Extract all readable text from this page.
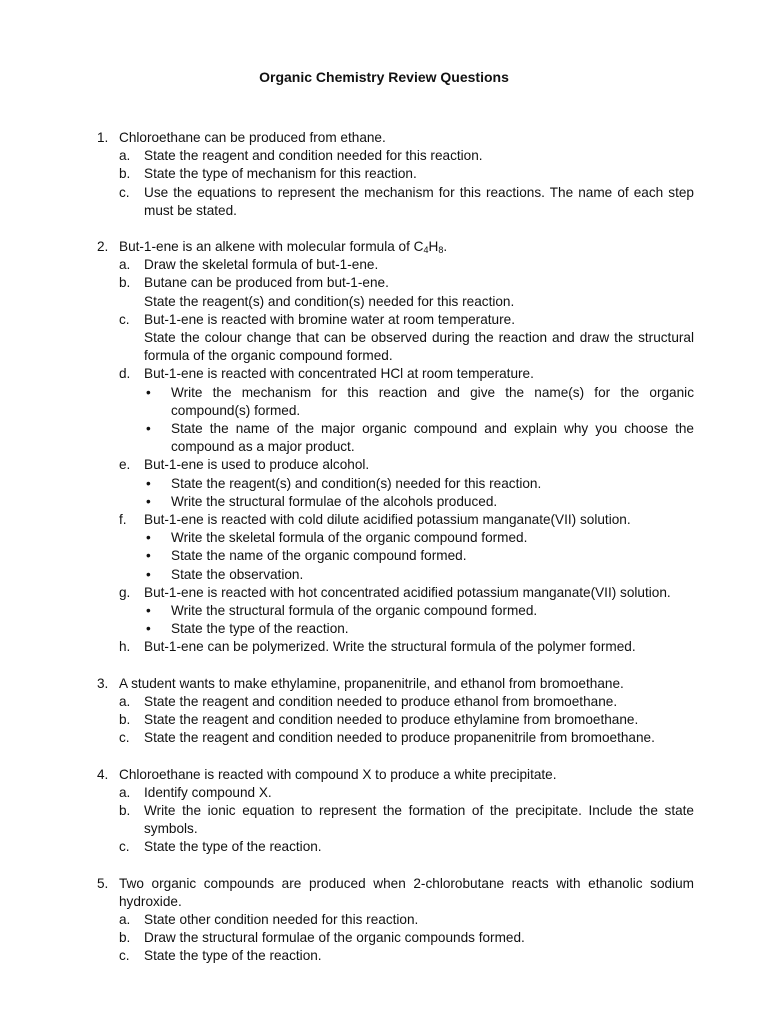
Organic Chemistry Review Questions
1. Chloroethane can be produced from ethane.
a.	State the reagent and condition needed for this reaction.
b.	State the type of mechanism for this reaction.
c.	Use the equations to represent the mechanism for this reactions. The name of each step must be stated.
2. But-1-ene is an alkene with molecular formula of $C_4H_8$.
a.	Draw the skeletal formula of but-1-ene.
b.	Butane can be produced from but-1-ene.
State the reagent(s) and condition(s) needed for this reaction.
c.	But-1-ene is reacted with bromine water at room temperature.
State the colour change that can be observed during the reaction and draw the structural formula of the organic compound formed.
d.	But-1-ene is reacted with concentrated HCl at room temperature.
•	Write the mechanism for this reaction and give the name(s) for the organic compound(s) formed.
•	State the name of the major organic compound and explain why you choose the compound as a major product.
e.	But-1-ene is used to produce alcohol.
•	State the reagent(s) and condition(s) needed for this reaction.
•	Write the structural formulae of the alcohols produced.
f.	But-1-ene is reacted with cold dilute acidified potassium manganate(VII) solution.
•	Write the skeletal formula of the organic compound formed.
•	State the name of the organic compound formed.
•	State the observation.
g.	But-1-ene is reacted with hot concentrated acidified potassium manganate(VII) solution.
•	Write the structural formula of the organic compound formed.
•	State the type of the reaction.
h.	But-1-ene can be polymerized. Write the structural formula of the polymer formed.
3. A student wants to make ethylamine, propanenitrile, and ethanol from bromoethane.
a.	State the reagent and condition needed to produce ethanol from bromoethane.
b.	State the reagent and condition needed to produce ethylamine from bromoethane.
c.	State the reagent and condition needed to produce propanenitrile from bromoethane.
4. Chloroethane is reacted with compound X to produce a white precipitate.
a.	Identify compound X.
b.	Write the ionic equation to represent the formation of the precipitate. Include the state symbols.
c.	State the type of the reaction.
5. Two organic compounds are produced when 2-chlorobutane reacts with ethanolic sodium hydroxide.
a.	State other condition needed for this reaction.
b.	Draw the structural formulae of the organic compounds formed.
c.	State the type of the reaction.
